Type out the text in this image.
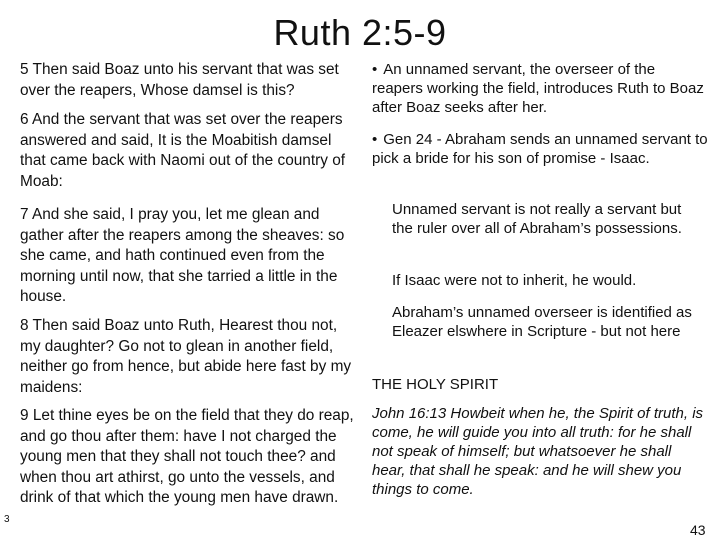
Ruth 2:5-9

5 Then said Boaz unto his servant that was set over the reapers, Whose damsel is this?

6 And the servant that was set over the reapers answered and said, It is the Moabitish damsel that came back with Naomi out of the country of Moab:

7 And she said, I pray you, let me glean and gather after the reapers among the sheaves: so she came, and hath continued even from the morning until now, that she tarried a little in the house.

8 Then said Boaz unto Ruth, Hearest thou not, my daughter? Go not to glean in another field, neither go from hence, but abide here fast by my maidens:

9 Let thine eyes be on the field that they do reap, and go thou after them: have I not charged the young men that they shall not touch thee? and when thou art athirst, go unto the vessels, and drink of that which the young men have drawn.

• An unnamed servant, the overseer of the reapers working the field, introduces Ruth to Boaz after Boaz seeks after her.

• Gen 24 - Abraham sends an unnamed servant to pick a bride for his son of promise - Isaac.

Unnamed servant is not really a servant but the ruler over all of Abraham’s possessions.

If Isaac were not to inherit, he would.

Abraham’s unnamed overseer is identified as Eleazer elswhere in Scripture - but not here

THE HOLY SPIRIT

John 16:13 Howbeit when he, the Spirit of truth, is come, he will guide you into all truth: for he shall not speak of himself; but whatsoever he shall hear, that shall he speak: and he will shew you things to come.

3
43
